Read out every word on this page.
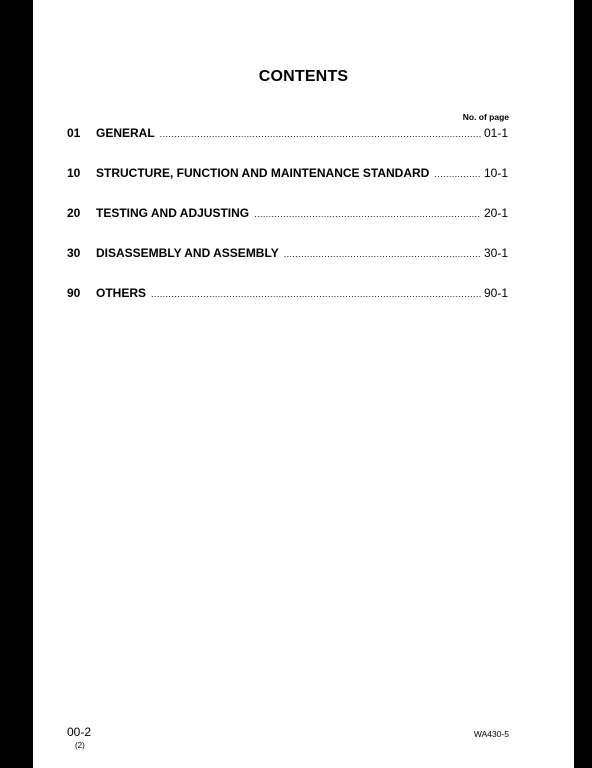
CONTENTS
No. of page
01	GENERAL .....	01-1
10	STRUCTURE, FUNCTION AND MAINTENANCE STANDARD .....	10-1
20	TESTING AND ADJUSTING .....	20-1
30	DISASSEMBLY AND ASSEMBLY .....	30-1
90	OTHERS .....	90-1
00-2
(2)
WA430-5
